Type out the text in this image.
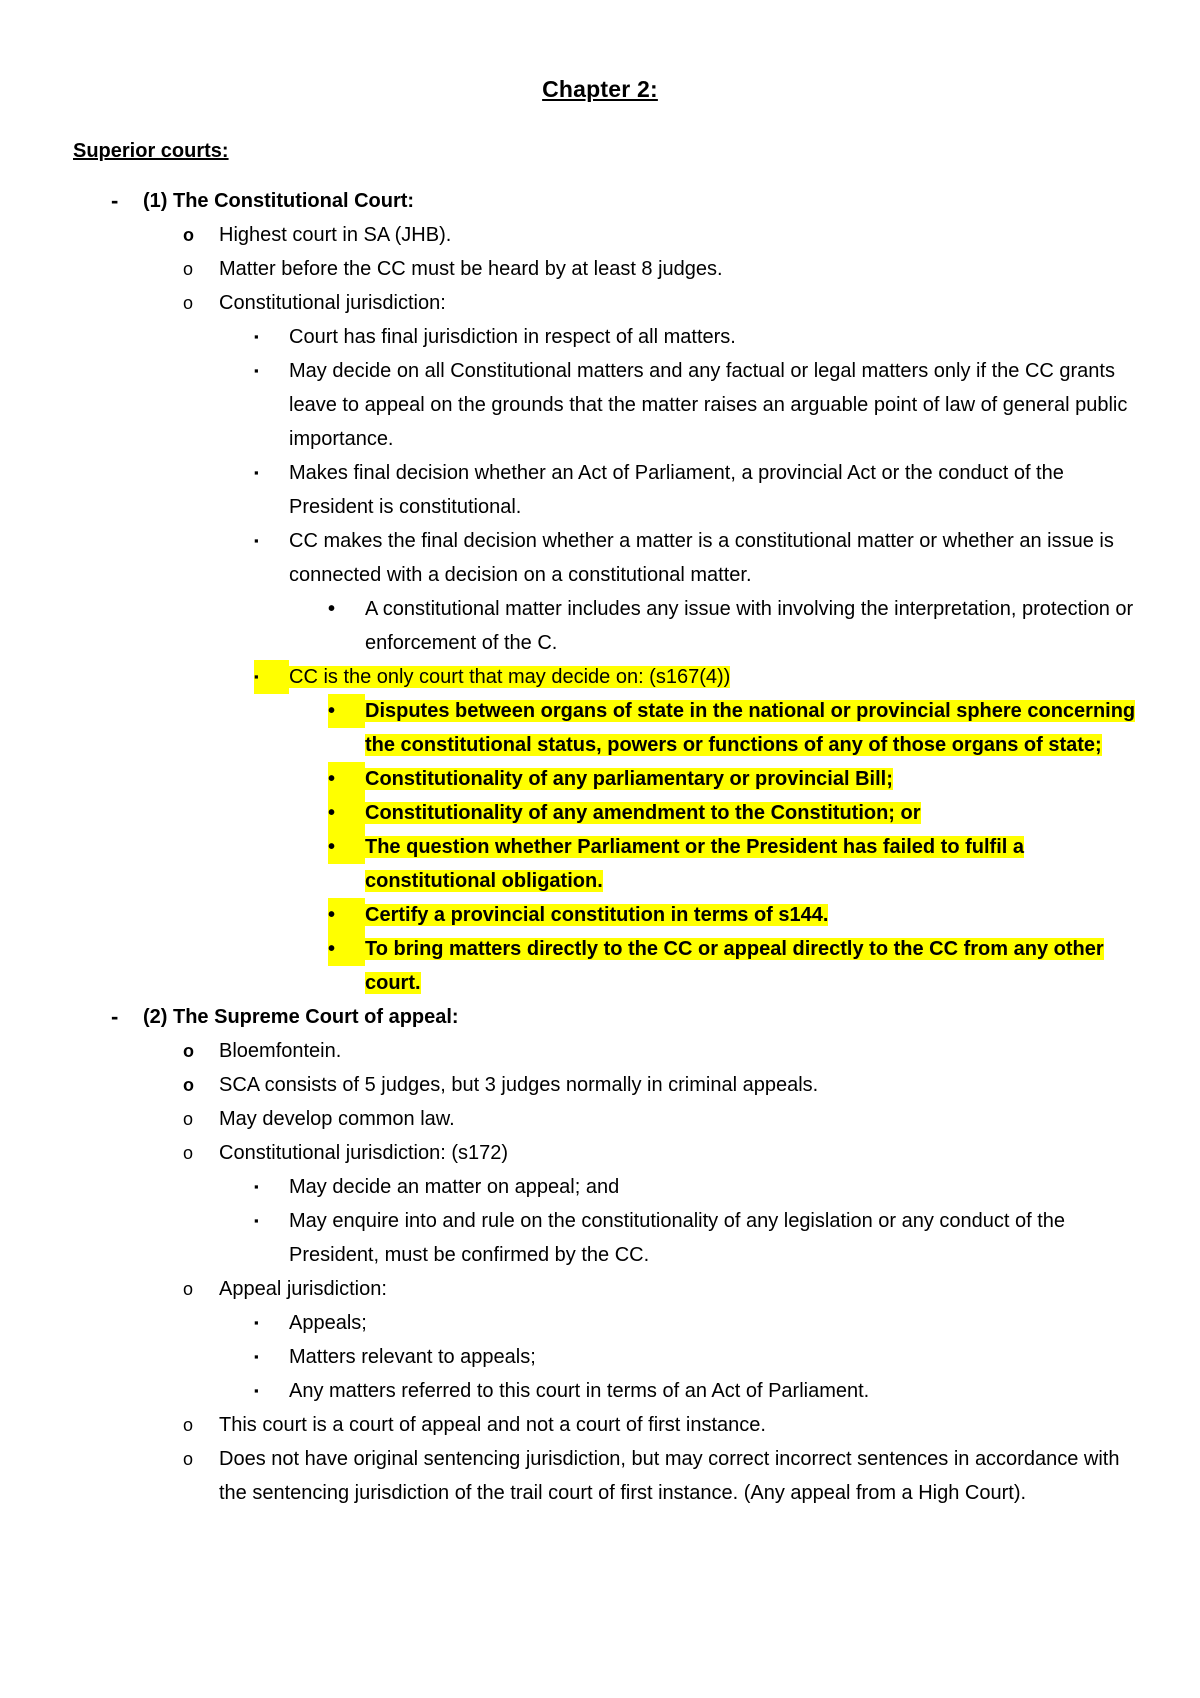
Chapter 2:
Superior courts:
-	(1) The Constitutional Court:
o	Highest court in SA (JHB).
o	Matter before the CC must be heard by at least 8 judges.
o	Constitutional jurisdiction:
▪	Court has final jurisdiction in respect of all matters.
▪	May decide on all Constitutional matters and any factual or legal matters only if the CC grants leave to appeal on the grounds that the matter raises an arguable point of law of general public importance.
▪	Makes final decision whether an Act of Parliament, a provincial Act or the conduct of the President is constitutional.
▪	CC makes the final decision whether a matter is a constitutional matter or whether an issue is connected with a decision on a constitutional matter.
•	A constitutional matter includes any issue with involving the interpretation, protection or enforcement of the C.
▪	CC is the only court that may decide on: (s167(4))
•	Disputes between organs of state in the national or provincial sphere concerning the constitutional status, powers or functions of any of those organs of state;
•	Constitutionality of any parliamentary or provincial Bill;
•	Constitutionality of any amendment to the Constitution; or
•	The question whether Parliament or the President has failed to fulfil a constitutional obligation.
•	Certify a provincial constitution in terms of s144.
•	To bring matters directly to the CC or appeal directly to the CC from any other court.
-	(2) The Supreme Court of appeal:
o	Bloemfontein.
o	SCA consists of 5 judges, but 3 judges normally in criminal appeals.
o	May develop common law.
o	Constitutional jurisdiction: (s172)
▪	May decide an matter on appeal; and
▪	May enquire into and rule on the constitutionality of any legislation or any conduct of the President, must be confirmed by the CC.
o	Appeal jurisdiction:
▪	Appeals;
▪	Matters relevant to appeals;
▪	Any matters referred to this court in terms of an Act of Parliament.
o	This court is a court of appeal and not a court of first instance.
o	Does not have original sentencing jurisdiction, but may correct incorrect sentences in accordance with the sentencing jurisdiction of the trail court of first instance. (Any appeal from a High Court).
